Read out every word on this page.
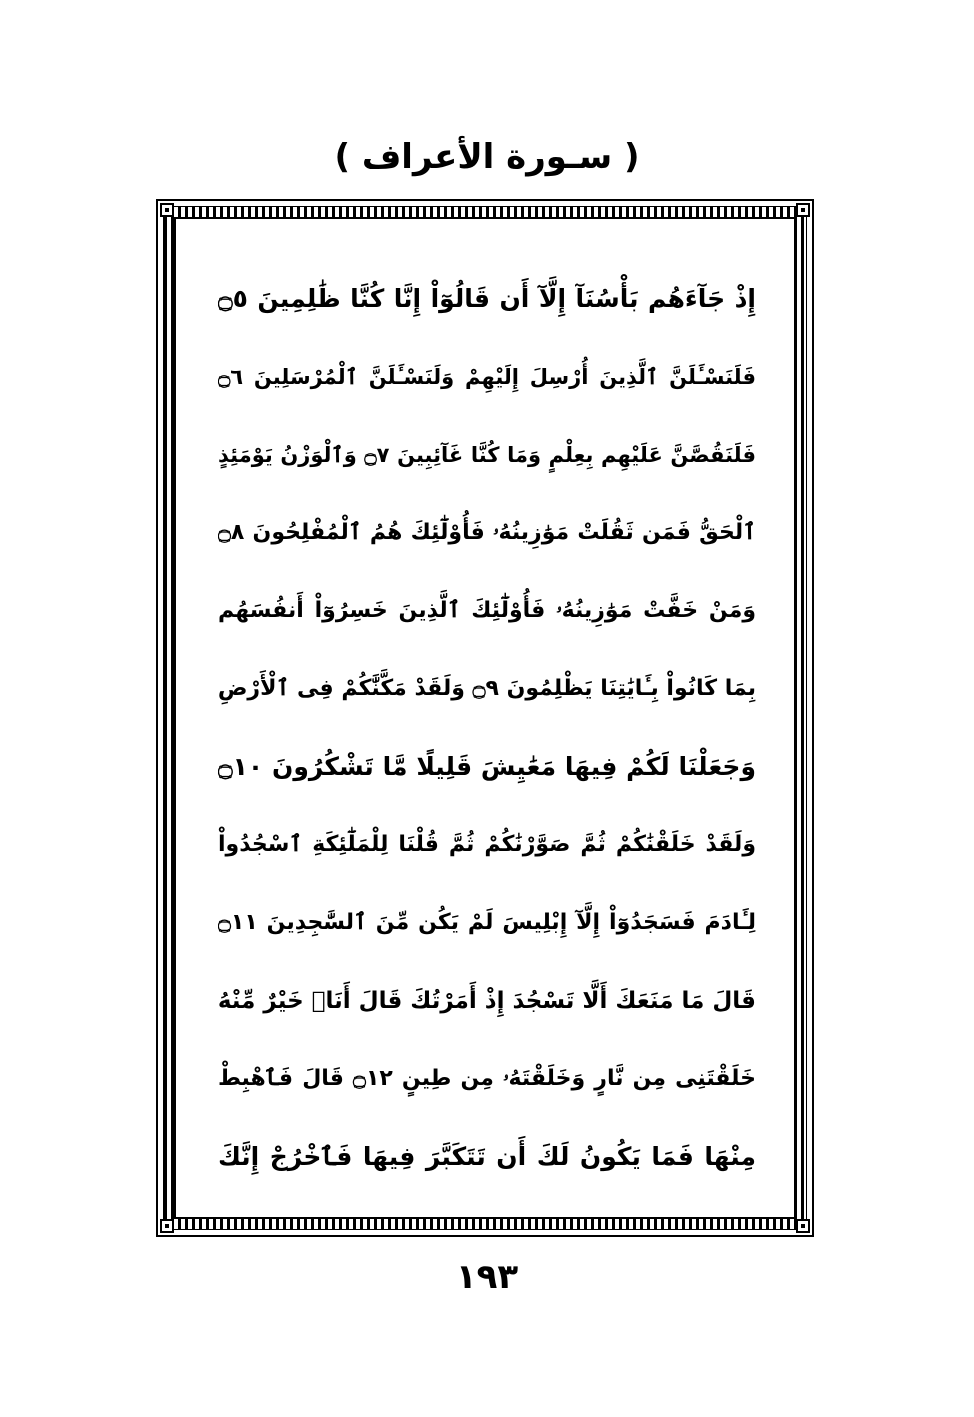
( سـورة الأعراف )
إِذْ جَآءَهُم بَأْسُنَآ إِلَّآ أَن قَالُوٓاْ إِنَّا كُنَّا ظَٰلِمِينَ ۝٥
فَلَنَسْـَٔلَنَّ ٱلَّذِينَ أُرْسِلَ إِلَيْهِمْ وَلَنَسْـَٔلَنَّ ٱلْمُرْسَلِينَ ۝٦
فَلَنَقُصَّنَّ عَلَيْهِم بِعِلْمٍ وَمَا كُنَّا غَآئِبِينَ ۝٧ وَٱلْوَزْنُ يَوْمَئِذٍ
ٱلْحَقُّ فَمَن ثَقُلَتْ مَوَٰزِينُهُۥ فَأُوْلَٰٓئِكَ هُمُ ٱلْمُفْلِحُونَ ۝٨
وَمَنْ خَفَّتْ مَوَٰزِينُهُۥ فَأُوْلَٰٓئِكَ ٱلَّذِينَ خَسِرُوٓاْ أَنفُسَهُم
بِمَا كَانُواْ بِـَٔايَٰتِنَا يَظْلِمُونَ ۝٩ وَلَقَدْ مَكَّنَّٰكُمْ فِى ٱلْأَرْضِ
وَجَعَلْنَا لَكُمْ فِيهَا مَعَٰيِشَ قَلِيلًا مَّا تَشْكُرُونَ ۝١٠
وَلَقَدْ خَلَقْنَٰكُمْ ثُمَّ صَوَّرْنَٰكُمْ ثُمَّ قُلْنَا لِلْمَلَٰٓئِكَةِ ٱسْجُدُواْ
لِـَٔادَمَ فَسَجَدُوٓاْ إِلَّآ إِبْلِيسَ لَمْ يَكُن مِّنَ ٱلسَّٰجِدِينَ ۝١١
قَالَ مَا مَنَعَكَ أَلَّا تَسْجُدَ إِذْ أَمَرْتُكَ قَالَ أَنَا۠ خَيْرٌ مِّنْهُ
خَلَقْتَنِى مِن نَّارٍ وَخَلَقْتَهُۥ مِن طِينٍ ۝١٢ قَالَ فَٱهْبِطْ
مِنْهَا فَمَا يَكُونُ لَكَ أَن تَتَكَبَّرَ فِيهَا فَٱخْرُجْ إِنَّكَ
١٩٣
